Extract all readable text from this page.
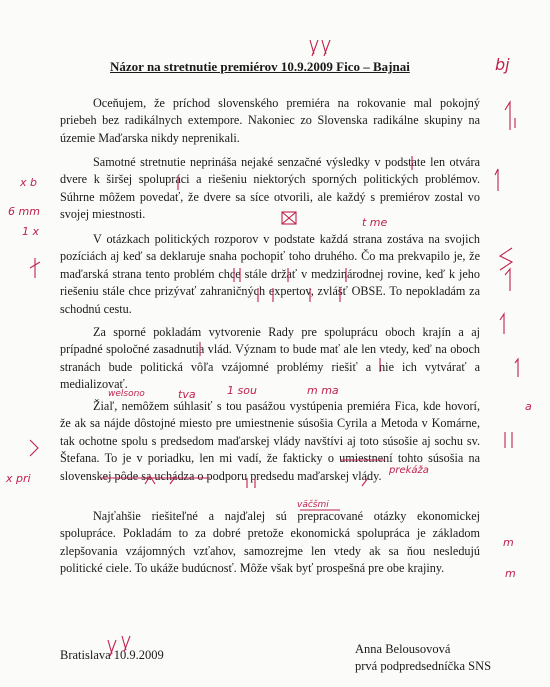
Názor na stretnutie premiérov 10.9.2009 Fico – Bajnai
Oceňujem, že príchod slovenského premiéra na rokovanie mal pokojný priebeh bez radikálnych extempore. Nakoniec zo Slovenska radikálne skupiny na územie Maďarska nikdy neprenikali.
Samotné stretnutie neprináša nejaké senzačné výsledky v podstate len otvára dvere k širšej spolupráci a riešeniu niektorých sporných politických problémov. Súhrne môžem povedať, že dvere sa síce otvorili, ale každý s premiérov zostal vo svojej miestnosti.
V otázkach politických rozporov v podstate každá strana zostáva na svojich pozíciách aj keď sa deklaruje snaha pochopiť toho druhého. Čo ma prekvapilo je, že maďarská strana tento problém chce stále držať v medzinárodnej rovine, keď k jeho riešeniu stále chce prizývať zahraničných expertov, zvlášť OBSE. To nepokladám za schodnú cestu.
Za sporné pokladám vytvorenie Rady pre spoluprácu oboch krajín a aj prípadné spoločné zasadnutia vlád. Význam to bude mať ale len vtedy, keď na oboch stranách bude politická vôľa vzájomné problémy riešiť a nie ich vytvárať a medializovať.
Žiaľ, nemôžem súhlasiť s tou pasážou vystúpenia premiéra Fica, kde hovorí, že ak sa nájde dôstojné miesto pre umiestnenie súsošia Cyrila a Metoda v Komárne, tak ochotne spolu s predsedom maďarskej vlády navštívi aj toto súsošie aj sochu sv. Štefana. To je v poriadku, len mi vadí, že fakticky o umiestnení tohto súsošia na slovenskej pôde sa uchádza o podporu predsedu maďarskej vlády.
Najťahšie riešiteľné a najďalej sú prepracované otázky ekonomickej spolupráce. Pokladám to za dobré pretože ekonomická spolupráca je základom zlepšovania vzájomných vzťahov, samozrejme len vtedy ak sa ňou nesledujú politické ciele. To ukáže budúcnosť. Môže však byť prospešná pre obe krajiny.
Bratislava 10.9.2009	Anna Belousovová
prvá podpredsedníčka SNS
bj
x b
6 mm
1 x
x pri
t me
welsono	tva	1 sou	m ma
a
väčšmi
prekáža
m
m
